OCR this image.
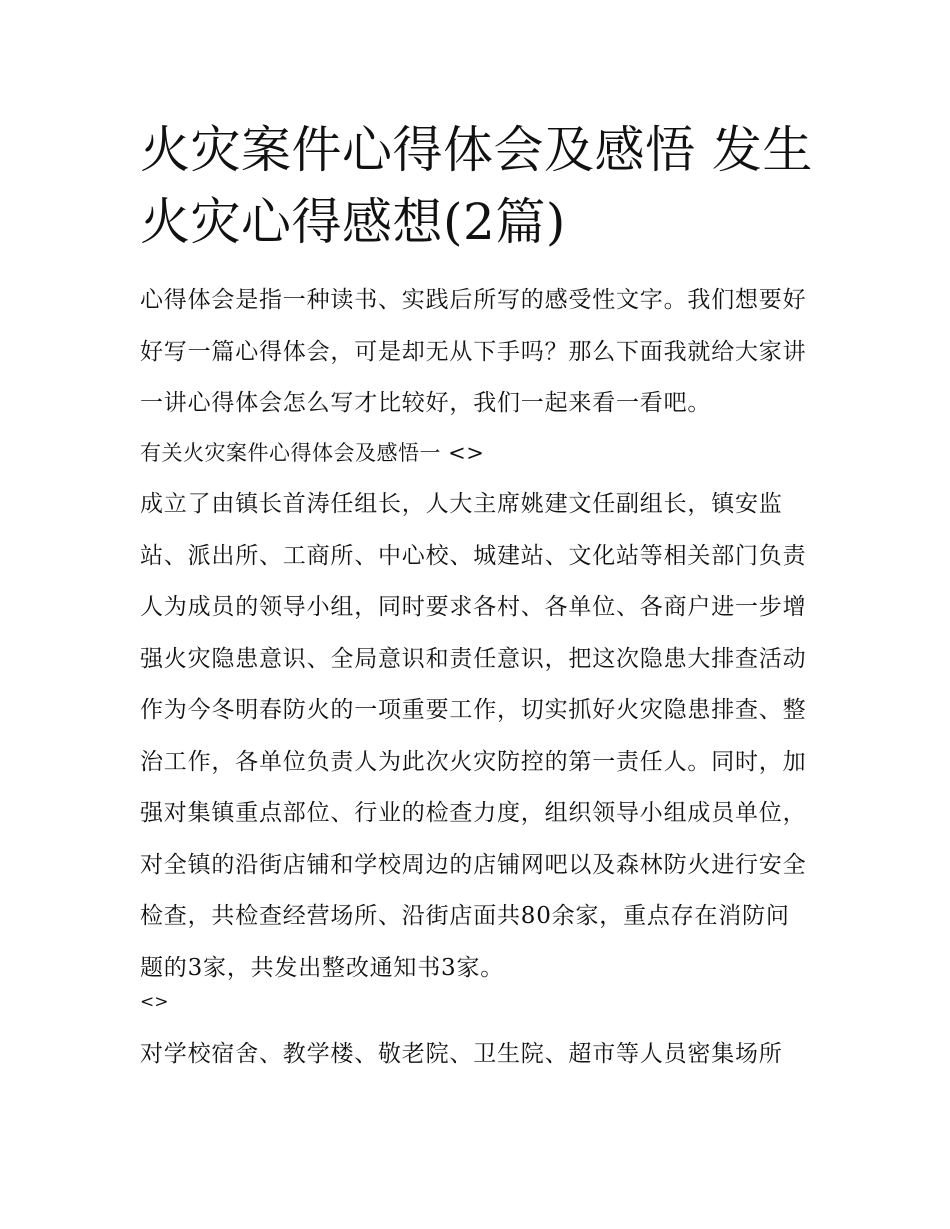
火灾案件心得体会及感悟 发生火灾心得感想(2篇)

心得体会是指一种读书、实践后所写的感受性文字。我们想要好好写一篇心得体会，可是却无从下手吗？那么下面我就给大家讲一讲心得体会怎么写才比较好，我们一起来看一看吧。

有关火灾案件心得体会及感悟一 <>

成立了由镇长首涛任组长，人大主席姚建文任副组长，镇安监站、派出所、工商所、中心校、城建站、文化站等相关部门负责人为成员的领导小组，同时要求各村、各单位、各商户进一步增强火灾隐患意识、全局意识和责任意识，把这次隐患大排查活动作为今冬明春防火的一项重要工作，切实抓好火灾隐患排查、整治工作，各单位负责人为此次火灾防控的第一责任人。同时，加强对集镇重点部位、行业的检查力度，组织领导小组成员单位，对全镇的沿街店铺和学校周边的店铺网吧以及森林防火进行安全检查，共检查经营场所、沿街店面共80余家，重点存在消防问题的3家，共发出整改通知书3家。

<>

对学校宿舍、教学楼、敬老院、卫生院、超市等人员密集场所
